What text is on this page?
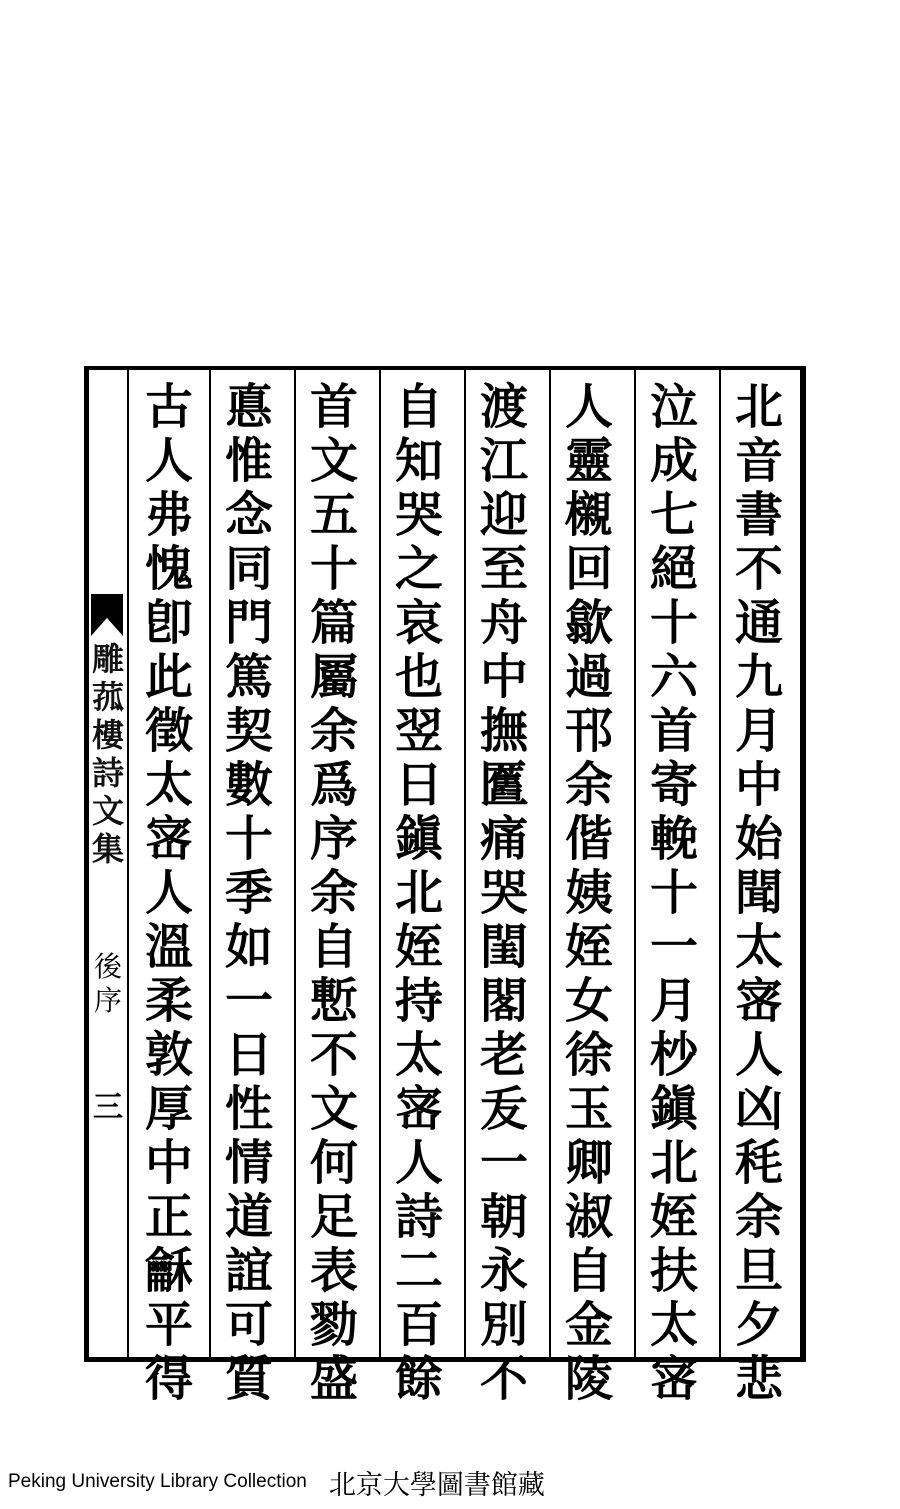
雕
菰
樓
詩
文
集
後
序
三
北
音
書
不
通
九
月
中
始
聞
太
宻
人
凶
秏
余
旦
夕
悲
泣
成
七
絕
十
六
首
寄
輓
十
一
月
杪
鎭
北
姪
扶
太
宻
人
靈
櫬
回
歙
過
邗
余
偕
姨
姪
女
徐
玉
卿
淑
自
金
陵
渡
江
迎
至
舟
中
撫
匶
痛
哭
閨
閣
老
叐
一
朝
永
別
不
自
知
哭
之
哀
也
翌
日
鎭
北
姪
持
太
宻
人
詩
二
百
餘
首
文
五
十
篇
屬
余
爲
序
余
自
慙
不
文
何
足
表
勠
盛
悳
惟
念
同
門
篤
契
數
十
季
如
一
日
性
情
道
誼
可
質
古
人
弗
愧
卽
此
徵
太
宻
人
溫
柔
敦
厚
中
正
龢
平
得
Peking University Library Collection 北京大學圖書館藏
